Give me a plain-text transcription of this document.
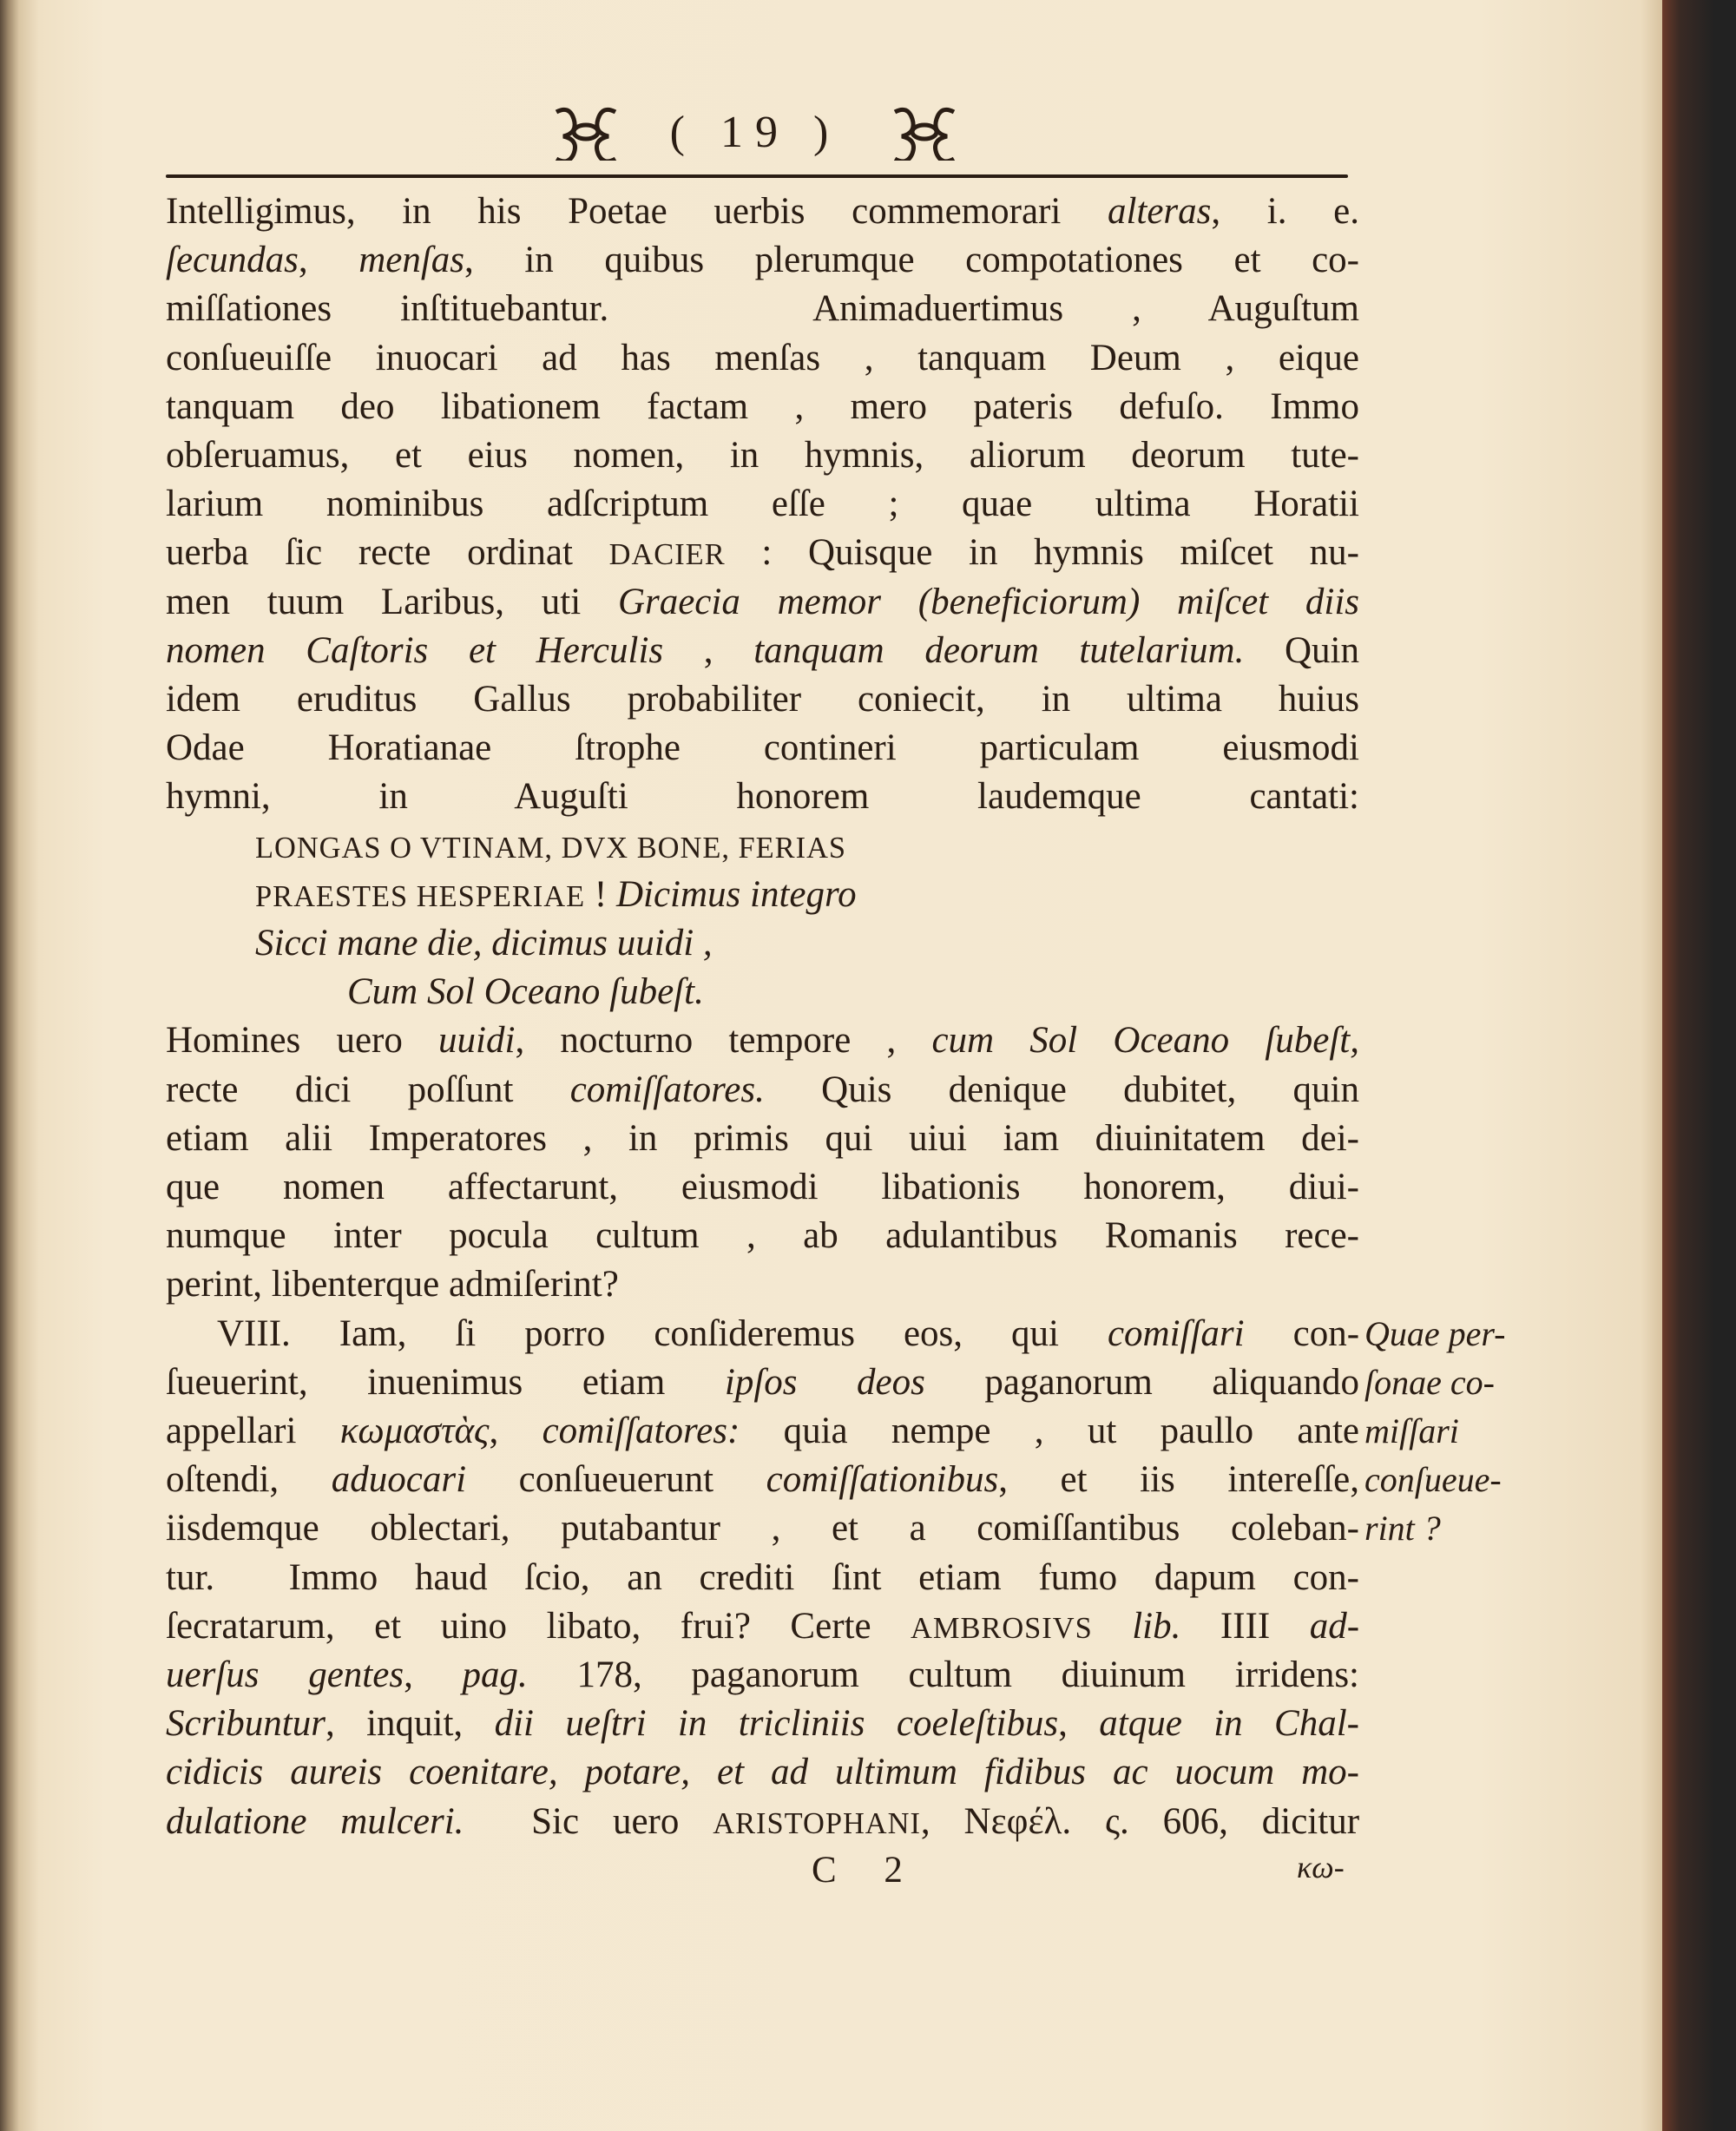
( 19 )
Intelligimus, in his Poetae uerbis commemorari alteras, i. e.
ſecundas, menſas, in quibus plerumque compotationes et co-
miſſationes inſtituebantur.   Animaduertimus , Auguſtum
conſueuiſſe inuocari ad has menſas , tanquam Deum , eique
tanquam deo libationem factam , mero pateris defuſo. Immo
obſeruamus, et eius nomen, in hymnis, aliorum deorum tute-
larium nominibus adſcriptum eſſe ; quae ultima Horatii
uerba ſic recte ordinat DACIER : Quisque in hymnis miſcet nu-
men tuum Laribus, uti Graecia memor (beneficiorum) miſcet diis
nomen Caſtoris et Herculis , tanquam deorum tutelarium. Quin
idem eruditus Gallus probabiliter coniecit, in ultima huius
Odae Horatianae ſtrophe contineri particulam eiusmodi
hymni, in Auguſti honorem laudemque cantati:
LONGAS O VTINAM, DVX BONE, FERIAS
PRAESTES HESPERIAE ! Dicimus integro
Sicci mane die, dicimus uuidi ,
Cum Sol Oceano ſubeſt.
Homines uero uuidi, nocturno tempore , cum Sol Oceano ſubeſt,
recte dici poſſunt comiſſatores. Quis denique dubitet, quin
etiam alii Imperatores , in primis qui uiui iam diuinitatem dei-
que nomen affectarunt, eiusmodi libationis honorem, diui-
numque inter pocula cultum , ab adulantibus Romanis rece-
perint, libenterque admiſerint?
VIII. Iam, ſi porro conſideremus eos, qui comiſſari con-
ſueuerint, inuenimus etiam ipſos deos paganorum aliquando
appellari κωμαστὰς, comiſſatores: quia nempe , ut paullo ante
oſtendi, aduocari conſueuerunt comiſſationibus, et iis intereſſe,
iisdemque oblectari, putabantur , et a comiſſantibus coleban-
tur.  Immo haud ſcio, an crediti ſint etiam fumo dapum con-
ſecratarum, et uino libato, frui? Certe AMBROSIVS lib. IIII ad-
uerſus gentes, pag. 178, paganorum cultum diuinum irridens:
Scribuntur, inquit, dii ueſtri in tricliniis coeleſtibus, atque in Chal-
cidicis aureis coenitare, potare, et ad ultimum fidibus ac uocum mo-
dulatione mulceri.  Sic uero ARISTOPHANI, Νεφέλ. ς. 606, dicitur
Quae per-
ſonae co-
miſſari
conſueue-
rint ?
C 2	κω-
